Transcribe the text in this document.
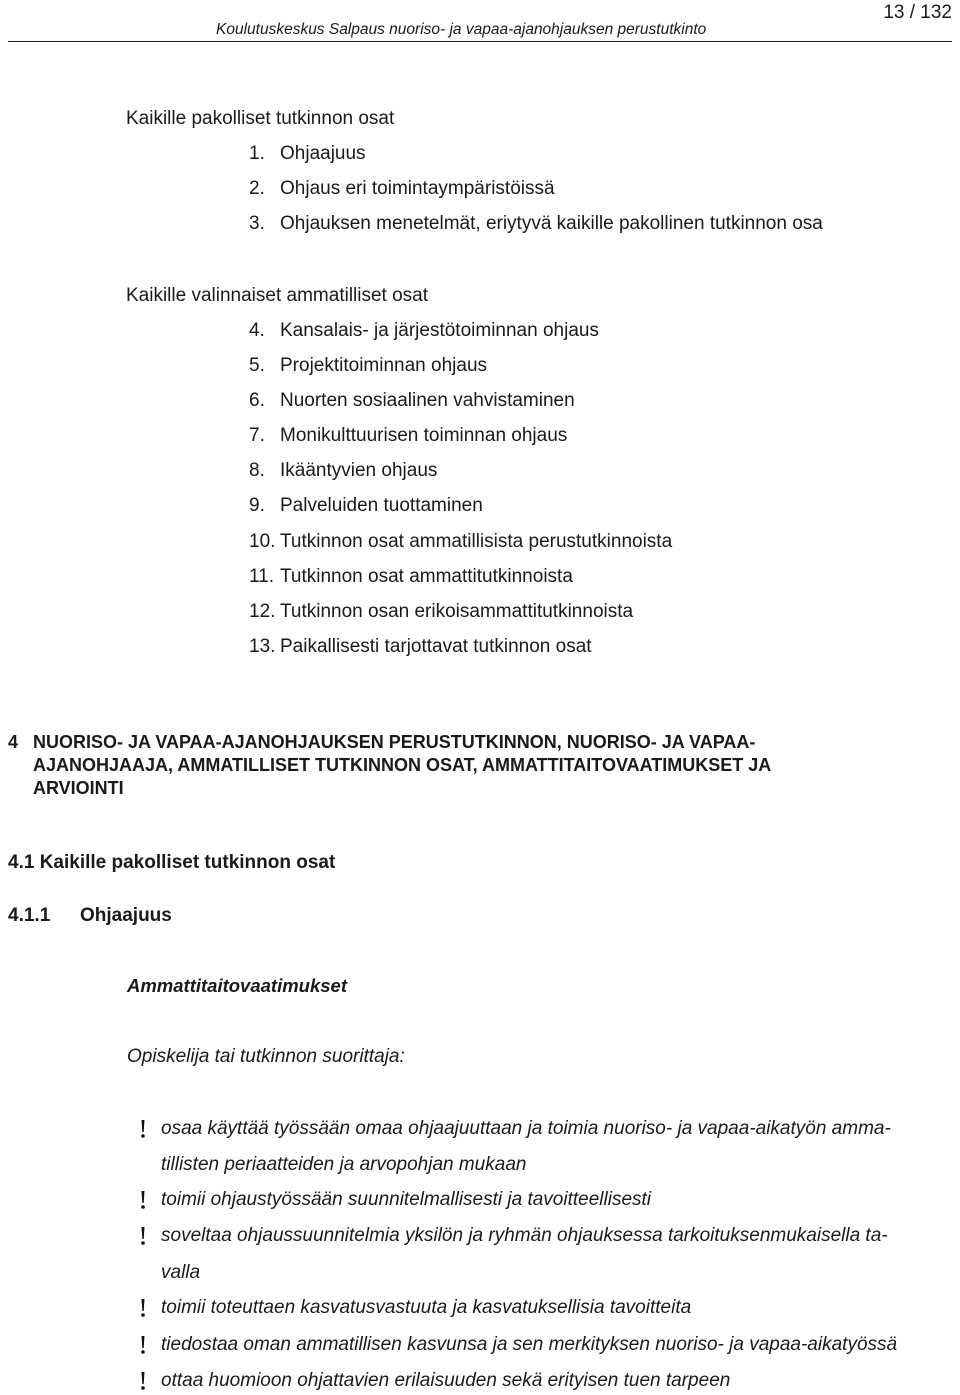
13 / 132
Koulutuskeskus Salpaus nuoriso- ja vapaa-ajanohjauksen perustutkinto
Kaikille pakolliset tutkinnon osat
1. Ohjaajuus
2. Ohjaus eri toimintaympäristöissä
3. Ohjauksen menetelmät, eriytyvä kaikille pakollinen tutkinnon osa
Kaikille valinnaiset ammatilliset osat
4. Kansalais- ja järjestötoiminnan ohjaus
5. Projektitoiminnan ohjaus
6. Nuorten sosiaalinen vahvistaminen
7. Monikulttuurisen toiminnan ohjaus
8. Ikääntyvien ohjaus
9. Palveluiden tuottaminen
10. Tutkinnon osat ammatillisista perustutkinnoista
11. Tutkinnon osat ammattitutkinnoista
12. Tutkinnon osan erikoisammattitutkinnoista
13. Paikallisesti tarjottavat tutkinnon osat
4 NUORISO- JA VAPAA-AJANOHJAUKSEN PERUSTUTKINNON, NUORISO- JA VAPAA-
AJANOHJAAJA, AMMATILLISET TUTKINNON OSAT, AMMATTITAITOVAATIMUKSET JA
ARVIOINTI
4.1 Kaikille pakolliset tutkinnon osat
4.1.1 Ohjaajuus
Ammattitaitovaatimukset
Opiskelija tai tutkinnon suorittaja:
osaa käyttää työssään omaa ohjaajuuttaan ja toimia nuoriso- ja vapaa-aikatyön amma-
tillisten periaatteiden ja arvopohjan mukaan
toimii ohjaustyössään suunnitelmallisesti ja tavoitteellisesti
soveltaa ohjaussuunnitelmia yksilön ja ryhmän ohjauksessa tarkoituksenmukaisella ta-
valla
toimii toteuttaen kasvatusvastuuta ja kasvatuksellisia tavoitteita
tiedostaa oman ammatillisen kasvunsa ja sen merkityksen nuoriso- ja vapaa-aikatyössä
ottaa huomioon ohjattavien erilaisuuden sekä erityisen tuen tarpeen
